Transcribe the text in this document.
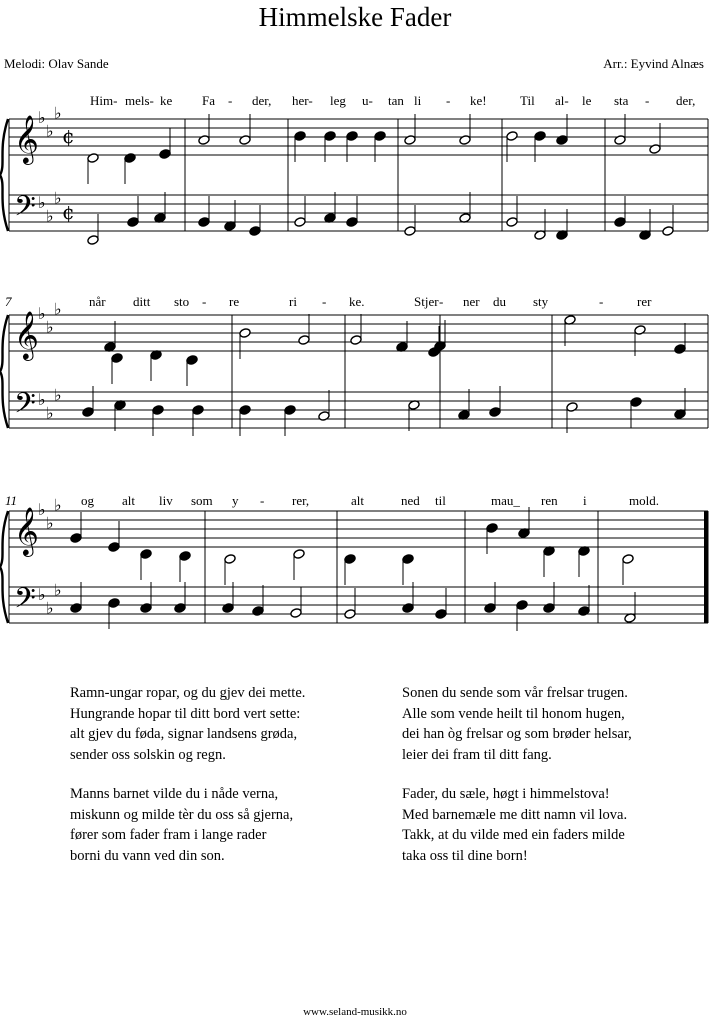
Himmelske Fader
Melodi: Olav Sande	Arr.: Eyvind Alnæs
𝄞
𝄢
♭
♭
♭
♭
♭
♭
¢
¢
Him- mels- ke Fa - der, her- leg u- tan li - ke!	Til al- le sta - der,
𝄞
𝄢
♭
♭
♭
♭
♭
♭
7	når ditt sto - re	ri - ke.	Stjer - ner du sty	-	rer
𝄞
𝄢
♭
♭
♭
♭
♭
♭
11	og alt liv som y - rer,	alt	ned til	mau_ ren i	mold.
Ramn-ungar ropar, og du gjev dei mette.
Hungrande hopar til ditt bord vert sette:
alt gjev du føda, signar landsens grøda,
sender oss solskin og regn.
Manns barnet vilde du i nåde verna,
miskunn og milde tèr du oss så gjerna,
fører som fader fram i lange rader
borni du vann ved din son.
Sonen du sende som vår frelsar trugen.
Alle som vende heilt til honom hugen,
dei han òg frelsar og som brøder helsar,
leier dei fram til ditt fang.
Fader, du sæle, høgt i himmelstova!
Med barnemæle me ditt namn vil lova.
Takk, at du vilde med ein faders milde
taka oss til dine born!
www.seland-musikk.no
